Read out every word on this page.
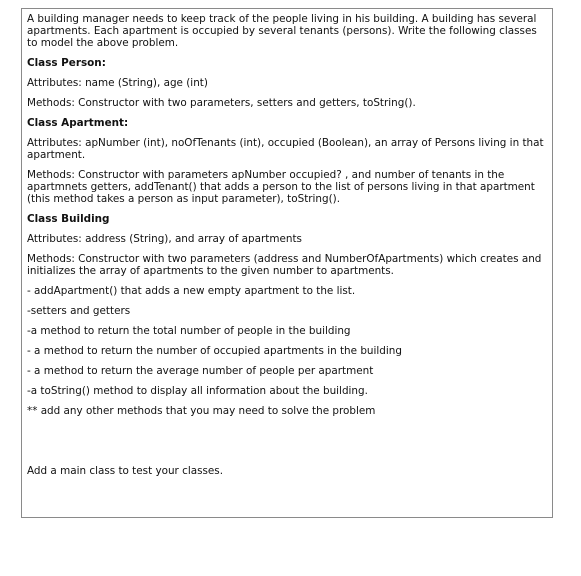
A building manager needs to keep track of the people living in his building. A building has several apartments. Each apartment is occupied by several tenants (persons). Write the following classes to model the above problem.

Class Person:

Attributes: name (String), age (int)

Methods: Constructor with two parameters, setters and getters, toString().

Class Apartment:

Attributes: apNumber (int), noOfTenants (int), occupied (Boolean), an array of Persons living in that apartment.

Methods: Constructor with parameters apNumber occupied? , and number of tenants in the apartmnets getters, addTenant() that adds a person to the list of persons living in that apartment (this method takes a person as input parameter), toString().

Class Building

Attributes: address (String), and array of apartments

Methods: Constructor with two parameters (address and NumberOfApartments) which creates and initializes the array of apartments to the given number to apartments.

- addApartment() that adds a new empty apartment to the list.

-setters and getters

-a method to return the total number of people in the building

- a method to return the number of occupied apartments in the building

- a method to return the average number of people per apartment

-a toString() method to display all information about the building.

** add any other methods that you may need to solve the problem

Add a main class to test your classes.
